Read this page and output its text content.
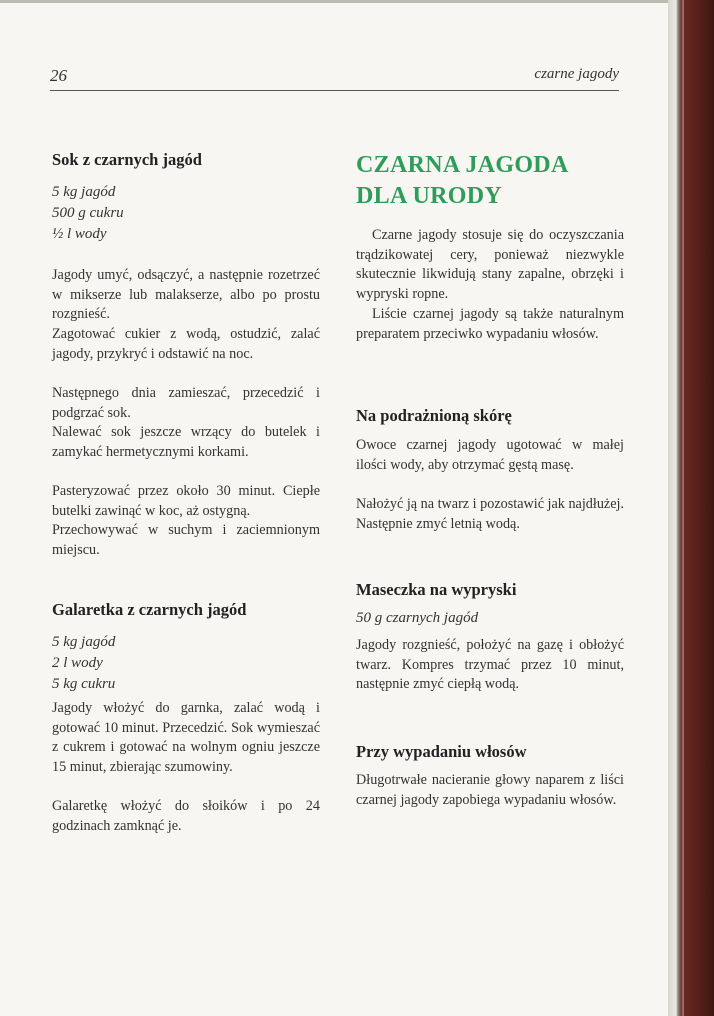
26	czarne jagody
Sok z czarnych jagód

5 kg jagód

500 g cukru

½ l wody

Jagody umyć, odsączyć, a następnie rozetrzeć w mikserze lub malakserze, albo po prostu rozgnieść.

Zagotować cukier z wodą, ostudzić, zalać jagody, przykryć i odstawić na noc.

Następnego dnia zamieszać, przecedzić i podgrzać sok.

Nalewać sok jeszcze wrzący do butelek i zamykać hermetycznymi korkami.

Pasteryzować przez około 30 minut. Ciepłe butelki zawinąć w koc, aż ostygną.

Przechowywać w suchym i zaciemnionym miejscu.

Galaretka z czarnych jagód

5 kg jagód

2 l wody

5 kg cukru

Jagody włożyć do garnka, zalać wodą i gotować 10 minut. Przecedzić. Sok wymieszać z cukrem i gotować na wolnym ogniu jeszcze 15 minut, zbierając szumowiny.

Galaretkę włożyć do słoików i po 24 godzinach zamknąć je.

CZARNA JAGODA
DLA URODY

Czarne jagody stosuje się do oczyszczania trądzikowatej cery, ponieważ niezwykle skutecznie likwidują stany zapalne, obrzęki i wypryski ropne.

Liście czarnej jagody są także naturalnym preparatem przeciwko wypadaniu włosów.

Na podrażnioną skórę

Owoce czarnej jagody ugotować w małej ilości wody, aby otrzymać gęstą masę.

Nałożyć ją na twarz i pozostawić jak najdłużej. Następnie zmyć letnią wodą.

Maseczka na wypryski

50 g czarnych jagód

Jagody rozgnieść, położyć na gazę i obłożyć twarz. Kompres trzymać przez 10 minut, następnie zmyć ciepłą wodą.

Przy wypadaniu włosów

Długotrwałe nacieranie głowy naparem z liści czarnej jagody zapobiega wypadaniu włosów.
